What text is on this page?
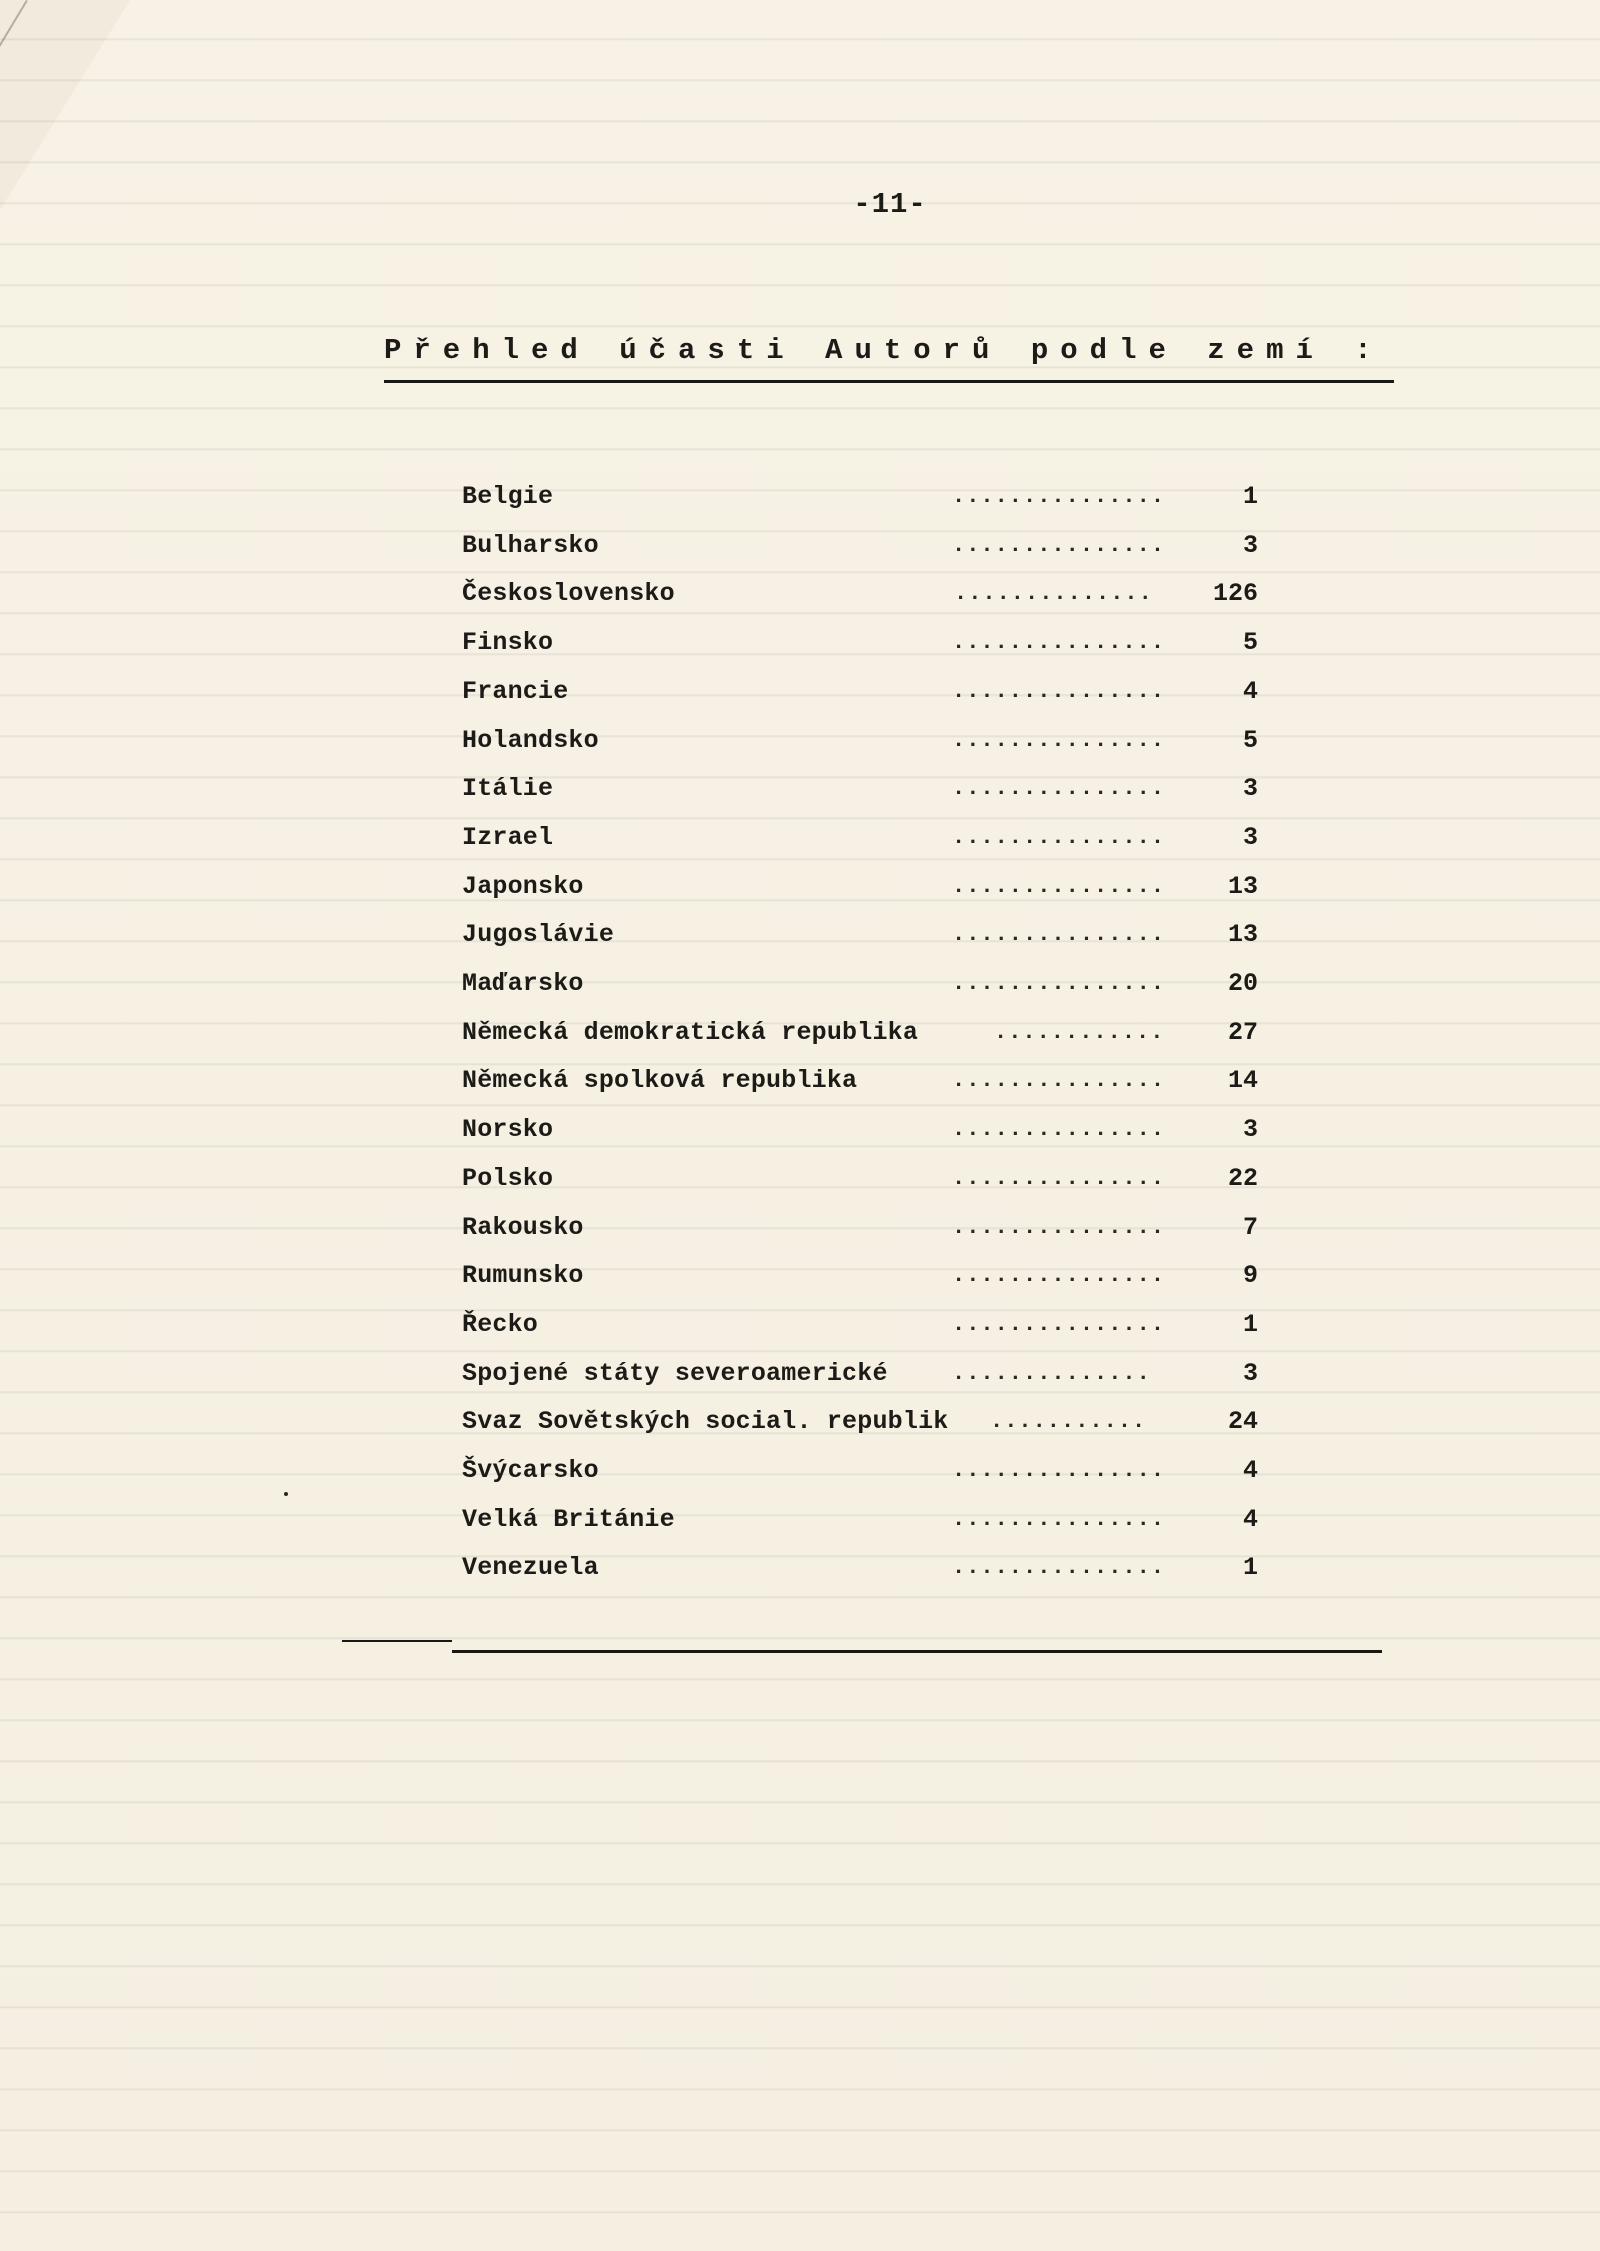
-11-
Přehled účasti Autorů podle zemí :
Belgie	...............	1
Bulharsko	...............	3
Československo	..............	126
Finsko	...............	5
Francie	...............	4
Holandsko	...............	5
Itálie	...............	3
Izrael	...............	3
Japonsko	...............	13
Jugoslávie	...............	13
Maďarsko	...............	20
Německá demokratická republika	............	27
Německá spolková republika	...............	14
Norsko	...............	3
Polsko	...............	22
Rakousko	...............	7
Rumunsko	...............	9
Řecko	...............	1
Spojené státy severoamerické	..............	3
Svaz Sovětských social. republik ...........	24
Švýcarsko	...............	4
Velká Británie	...............	4
Venezuela	...............	1
